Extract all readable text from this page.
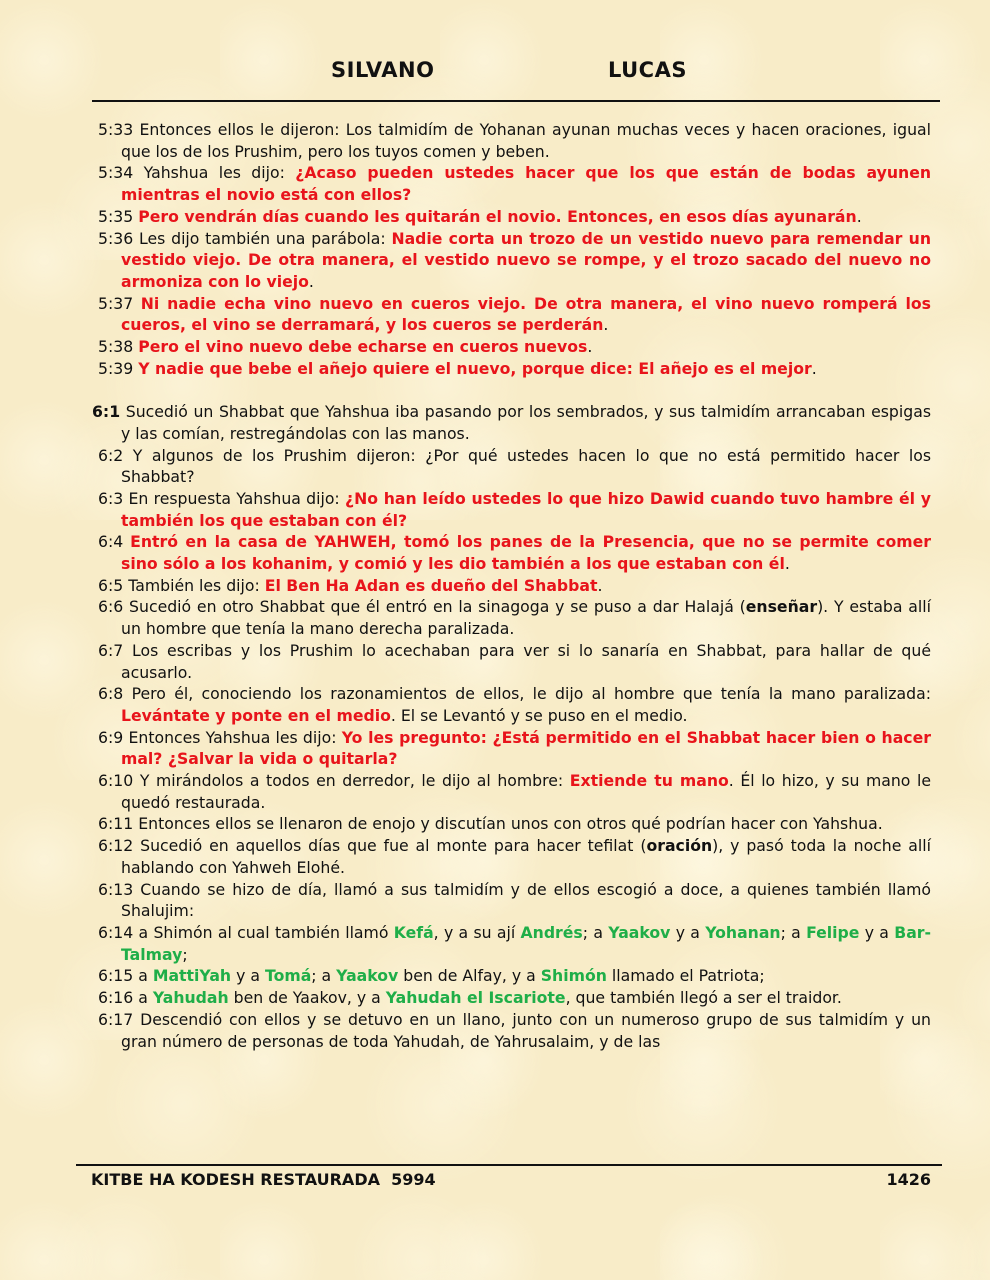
SILVANO	LUCAS
5:33 Entonces ellos le dijeron: Los talmidím de Yohanan ayunan muchas veces y hacen oraciones, igual que los de los Prushim, pero los tuyos comen y beben.
5:34 Yahshua les dijo: ¿Acaso pueden ustedes hacer que los que están de bodas ayunen mientras el novio está con ellos?
5:35 Pero vendrán días cuando les quitarán el novio. Entonces, en esos días ayunarán.
5:36 Les dijo también una parábola: Nadie corta un trozo de un vestido nuevo para remendar un vestido viejo. De otra manera, el vestido nuevo se rompe, y el trozo sacado del nuevo no armoniza con lo viejo.
5:37 Ni nadie echa vino nuevo en cueros viejo. De otra manera, el vino nuevo romperá los cueros, el vino se derramará, y los cueros se perderán.
5:38 Pero el vino nuevo debe echarse en cueros nuevos.
5:39 Y nadie que bebe el añejo quiere el nuevo, porque dice: El añejo es el mejor.
6:1 Sucedió un Shabbat que Yahshua iba pasando por los sembrados, y sus talmidím arrancaban espigas y las comían, restregándolas con las manos.
6:2 Y algunos de los Prushim dijeron: ¿Por qué ustedes hacen lo que no está permitido hacer los Shabbat?
6:3 En respuesta Yahshua dijo: ¿No han leído ustedes lo que hizo Dawid cuando tuvo hambre él y también los que estaban con él?
6:4 Entró en la casa de YAHWEH, tomó los panes de la Presencia, que no se permite comer sino sólo a los kohanim, y comió y les dio también a los que estaban con él.
6:5 También les dijo: El Ben Ha Adan es dueño del Shabbat.
6:6 Sucedió en otro Shabbat que él entró en la sinagoga y se puso a dar Halajá (enseñar). Y estaba allí un hombre que tenía la mano derecha paralizada.
6:7 Los escribas y los Prushim lo acechaban para ver si lo sanaría en Shabbat, para hallar de qué acusarlo.
6:8 Pero él, conociendo los razonamientos de ellos, le dijo al hombre que tenía la mano paralizada: Levántate y ponte en el medio. El se Levantó y se puso en el medio.
6:9 Entonces Yahshua les dijo: Yo les pregunto: ¿Está permitido en el Shabbat hacer bien o hacer mal? ¿Salvar la vida o quitarla?
6:10 Y mirándolos a todos en derredor, le dijo al hombre: Extiende tu mano. Él lo hizo, y su mano le quedó restaurada.
6:11 Entonces ellos se llenaron de enojo y discutían unos con otros qué podrían hacer con Yahshua.
6:12 Sucedió en aquellos días que fue al monte para hacer tefilat (oración), y pasó toda la noche allí hablando con Yahweh Elohé.
6:13 Cuando se hizo de día, llamó a sus talmidím y de ellos escogió a doce, a quienes también llamó Shalujim:
6:14 a Shimón al cual también llamó Kefá, y a su ají Andrés; a Yaakov y a Yohanan; a Felipe y a Bar-Talmay;
6:15 a MattiYah y a Tomá; a Yaakov ben de Alfay, y a Shimón llamado el Patriota;
6:16 a Yahudah ben de Yaakov, y a Yahudah el Iscariote, que también llegó a ser el traidor.
6:17 Descendió con ellos y se detuvo en un llano, junto con un numeroso grupo de sus talmidím y un gran número de personas de toda Yahudah, de Yahrusalaim, y de las
KITBE HA KODESH RESTAURADA  5994	1426
